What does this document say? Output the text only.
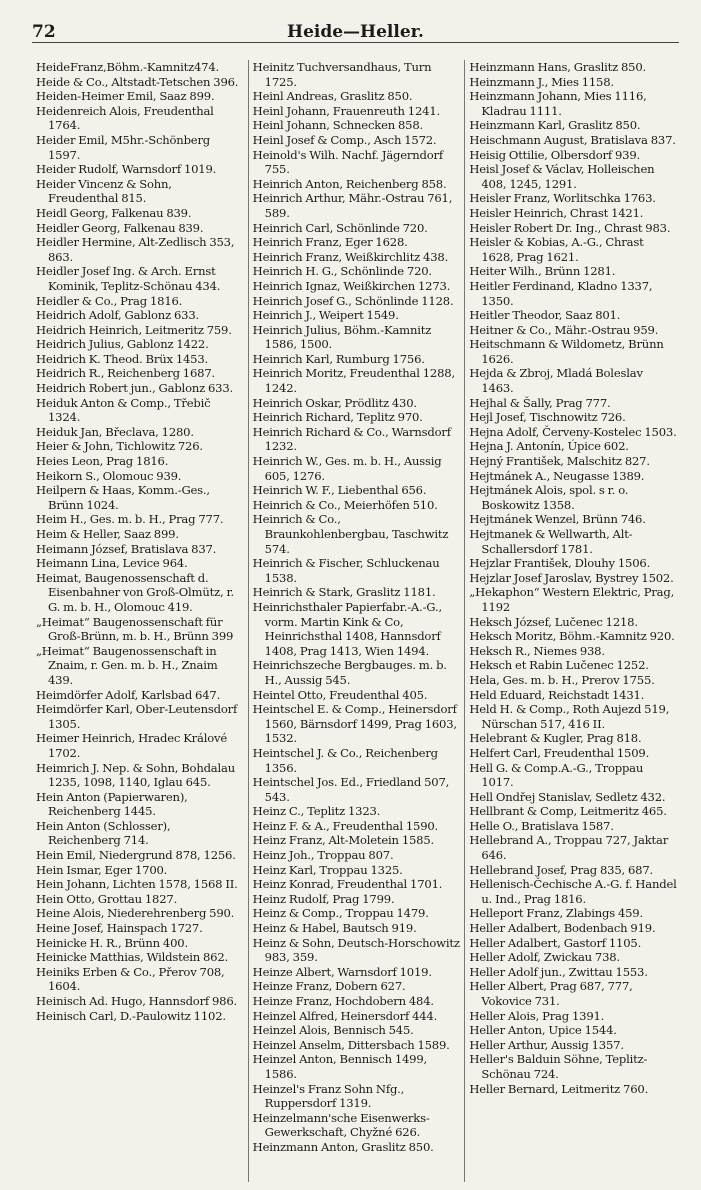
72	Heide—Heller.
HeideFranz,Böhm.-Kamnitz474.
Heide & Co., Altstadt-Tetschen 396.
Heiden-Heimer Emil, Saaz 899.
Heidenreich Alois, Freudenthal 1764.
Heider Emil, M5hr.-Schönberg 1597.
Heider Rudolf, Warnsdorf 1019.
Heider Vincenz & Sohn, Freudenthal 815.
Heidl Georg, Falkenau 839.
Heidler Georg, Falkenau 839.
Heidler Hermine, Alt-Zedlisch 353, 863.
Heidler Josef Ing. & Arch. Ernst Kominik, Teplitz-Schönau 434.
Heidler & Co., Prag 1816.
Heidrich Adolf, Gablonz 633.
Heidrich Heinrich, Leitmeritz 759.
Heidrich Julius, Gablonz 1422.
Heidrich K. Theod. Brüx 1453.
Heidrich R., Reichenberg 1687.
Heidrich Robert jun., Gablonz 633.
Heiduk Anton & Comp., Třebič 1324.
Heiduk Jan, Břeclava, 1280.
Heier & John, Tichlowitz 726.
Heies Leon, Prag 1816.
Heikorn S., Olomouc 939.
Heilpern & Haas, Komm.-Ges., Brünn 1024.
Heim H., Ges. m. b. H., Prag 777.
Heim & Heller, Saaz 899.
Heimann József, Bratislava 837.
Heimann Lina, Levice 964.
Heimat, Baugenossenschaft d. Eisenbahner von Groß-Olmütz, r. G. m. b. H., Olomouc 419.
„Heimat“ Baugenossenschaft für Groß-Brünn, m. b. H., Brünn 399
„Heimat“ Baugenossenschaft in Znaim, r. Gen. m. b. H., Znaim 439.
Heimdörfer Adolf, Karlsbad 647.
Heimdörfer Karl, Ober-Leutensdorf 1305.
Heimer Heinrich, Hradec Králové 1702.
Heimrich J. Nep. & Sohn, Bohdalau 1235, 1098, 1140, Iglau 645.
Hein Anton (Papierwaren), Reichenberg 1445.
Hein Anton (Schlosser), Reichenberg 714.
Hein Emil, Niedergrund 878, 1256.
Hein Ismar, Eger 1700.
Hein Johann, Lichten 1578, 1568 II.
Hein Otto, Grottau 1827.
Heine Alois, Niederehrenberg 590.
Heine Josef, Hainspach 1727.
Heinicke H. R., Brünn 400.
Heinicke Matthias, Wildstein 862.
Heiniks Erben & Co., Přerov 708, 1604.
Heinisch Ad. Hugo, Hannsdorf 986.
Heinisch Carl, D.-Paulowitz 1102.
Heinitz Tuchversandhaus, Turn 1725.
Heinl Andreas, Graslitz 850.
Heinl Johann, Frauenreuth 1241.
Heinl Johann, Schnecken 858.
Heinl Josef & Comp., Asch 1572.
Heinold's Wilh. Nachf. Jägerndorf 755.
Heinrich Anton, Reichenberg 858.
Heinrich Arthur, Mähr.-Ostrau 761, 589.
Heinrich Carl, Schönlinde 720.
Heinrich Franz, Eger 1628.
Heinrich Franz, Weißkirchlitz 438.
Heinrich H. G., Schönlinde 720.
Heinrich Ignaz, Weißkirchen 1273.
Heinrich Josef G., Schönlinde 1128.
Heinrich J., Weipert 1549.
Heinrich Julius, Böhm.-Kamnitz 1586, 1500.
Heinrich Karl, Rumburg 1756.
Heinrich Moritz, Freudenthal 1288, 1242.
Heinrich Oskar, Prödlitz 430.
Heinrich Richard, Teplitz 970.
Heinrich Richard & Co., Warnsdorf 1232.
Heinrich W., Ges. m. b. H., Aussig 605, 1276.
Heinrich W. F., Liebenthal 656.
Heinrich & Co., Meierhöfen 510.
Heinrich & Co., Braunkohlenbergbau, Taschwitz 574.
Heinrich & Fischer, Schluckenau 1538.
Heinrich & Stark, Graslitz 1181.
Heinrichsthaler Papierfabr.-A.-G., vorm. Martin Kink & Co, Heinrichsthal 1408, Hannsdorf 1408, Prag 1413, Wien 1494.
Heinrichszeche Bergbauges. m. b. H., Aussig 545.
Heintel Otto, Freudenthal 405.
Heintschel E. & Comp., Heinersdorf 1560, Bärnsdorf 1499, Prag 1603, 1532.
Heintschel J. & Co., Reichenberg 1356.
Heintschel Jos. Ed., Friedland 507, 543.
Heinz C., Teplitz 1323.
Heinz F. & A., Freudenthal 1590.
Heinz Franz, Alt-Moletein 1585.
Heinz Joh., Troppau 807.
Heinz Karl, Troppau 1325.
Heinz Konrad, Freudenthal 1701.
Heinz Rudolf, Prag 1799.
Heinz & Comp., Troppau 1479.
Heinz & Habel, Bautsch 919.
Heinz & Sohn, Deutsch-Horschowitz 983, 359.
Heinze Albert, Warnsdorf 1019.
Heinze Franz, Dobern 627.
Heinze Franz, Hochdobern 484.
Heinzel Alfred, Heinersdorf 444.
Heinzel Alois, Bennisch 545.
Heinzel Anselm, Dittersbach 1589.
Heinzel Anton, Bennisch 1499, 1586.
Heinzel's Franz Sohn Nfg., Ruppersdorf 1319.
Heinzelmann'sche Eisenwerks-Gewerkschaft, Chyžné 626.
Heinzmann Anton, Graslitz 850.
Heinzmann Hans, Graslitz 850.
Heinzmann J., Mies 1158.
Heinzmann Johann, Mies 1116, Kladrau 1111.
Heinzmann Karl, Graslitz 850.
Heischmann August, Bratislava 837.
Heisig Ottilie, Olbersdorf 939.
Heisl Josef & Václav, Holleischen 408, 1245, 1291.
Heisler Franz, Worlitschka 1763.
Heisler Heinrich, Chrast 1421.
Heisler Robert Dr. Ing., Chrast 983.
Heisler & Kobias, A.-G., Chrast 1628, Prag 1621.
Heiter Wilh., Brünn 1281.
Heitler Ferdinand, Kladno 1337, 1350.
Heitler Theodor, Saaz 801.
Heitner & Co., Mähr.-Ostrau 959.
Heitschmann & Wildometz, Brünn 1626.
Hejda & Zbroj, Mladá Boleslav 1463.
Hejhal & Šally, Prag 777.
Hejl Josef, Tischnowitz 726.
Hejna Adolf, Červeny-Kostelec 1503.
Hejna J. Antonín, Úpice 602.
Hejný František, Malschitz 827.
Hejtmánek A., Neugasse 1389.
Hejtmánek Alois, spol. s r. o. Boskowitz 1358.
Hejtmánek Wenzel, Brünn 746.
Hejtmanek & Wellwarth, Alt-Schallersdorf 1781.
Hejzlar František, Dlouhy 1506.
Hejzlar Josef Jaroslav, Bystrey 1502.
„Hekaphon“ Western Elektric, Prag, 1192
Heksch József, Lučenec 1218.
Heksch Moritz, Böhm.-Kamnitz 920.
Heksch R., Niemes 938.
Heksch et Rabin Lučenec 1252.
Hela, Ges. m. b. H., Prerov 1755.
Held Eduard, Reichstadt 1431.
Held H. & Comp., Roth Aujezd 519, Nürschan 517, 416 II.
Helebrant & Kugler, Prag 818.
Helfert Carl, Freudenthal 1509.
Hell G. & Comp.A.-G., Troppau 1017.
Hell Ondřej Stanislav, Sedletz 432.
Hellbrant & Comp, Leitmeritz 465.
Helle O., Bratislava 1587.
Hellebrand A., Troppau 727, Jaktar 646.
Hellebrand Josef, Prag 835, 687.
Hellenisch-Čechische A.-G. f. Handel u. Ind., Prag 1816.
Helleport Franz, Zlabings 459.
Heller Adalbert, Bodenbach 919.
Heller Adalbert, Gastorf 1105.
Heller Adolf, Zwickau 738.
Heller Adolf jun., Zwittau 1553.
Heller Albert, Prag 687, 777, Vokovice 731.
Heller Alois, Prag 1391.
Heller Anton, Upice 1544.
Heller Arthur, Aussig 1357.
Heller's Balduin Söhne, Teplitz-Schönau 724.
Heller Bernard, Leitmeritz 760.
